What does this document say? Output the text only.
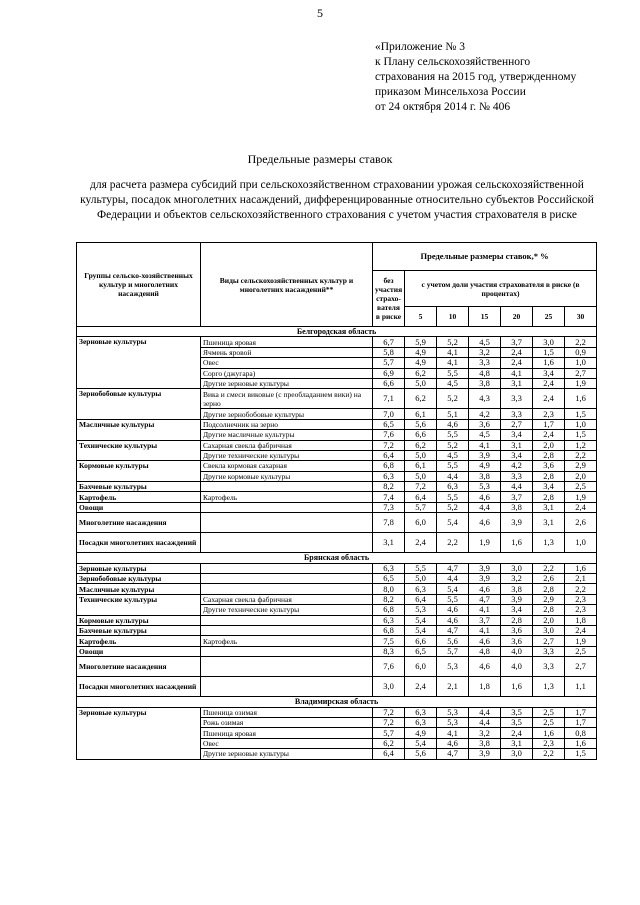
5
«Приложение № 3
к Плану сельскохозяйственного
страхования на 2015 год, утвержденному
приказом Минсельхоза России
от 24 октября 2014 г. № 406
Предельные размеры ставок
для расчета размера субсидий при сельскохозяйственном страховании урожая сельскохозяйственной культуры, посадок многолетних насаждений, дифференцированные относительно субъектов Российской Федерации и объектов сельскохозяйственного страхования с учетом участия страхователя в риске
Группы сельско-хозяйственных культур и многолетних насаждений	Виды сельскохозяйственных культур и многолетних насаждений**	Предельные размеры ставок,* %						
		без участия страхо-вателя в риске	с учетом доли участия страхователя в риске (в процентах)					
			5	10	15	20	25	30
Белгородская область								
Зерновые культуры	Пшеница яровая	6,7	5,9	5,2	4,5	3,7	3,0	2,2
	Ячмень яровой	5,8	4,9	4,1	3,2	2,4	1,5	0,9
	Овес	5,7	4,9	4,1	3,3	2,4	1,6	1,0
	Сорго (джугара)	6,9	6,2	5,5	4,8	4,1	3,4	2,7
	Другие зерновые культуры	6,6	5,0	4,5	3,8	3,1	2,4	1,9
Зернобобовые культуры	Вика и смеси виковые (с преобладанием вики) на зерно	7,1	6,2	5,2	4,3	3,3	2,4	1,6
	Другие зернобобовые культуры	7,0	6,1	5,1	4,2	3,3	2,3	1,5
Масличные культуры	Подсолнечник на зерно	6,5	5,6	4,6	3,6	2,7	1,7	1,0
	Другие масличные культуры	7,6	6,6	5,5	4,5	3,4	2,4	1,5
Технические культуры	Сахарная свекла фабричная	7,2	6,2	5,2	4,1	3,1	2,0	1,2
	Другие технические культуры	6,4	5,0	4,5	3,9	3,4	2,8	2,2
Кормовые культуры	Свекла кормовая сахарная	6,8	6,1	5,5	4,9	4,2	3,6	2,9
	Другие кормовые культуры	6,3	5,0	4,4	3,8	3,3	2,8	2,0
Бахчевые культуры		8,2	7,2	6,3	5,3	4,4	3,4	2,5
Картофель	Картофель	7,4	6,4	5,5	4,6	3,7	2,8	1,9
Овощи		7,3	5,7	5,2	4,4	3,8	3,1	2,4
Многолетние насаждения		7,8	6,0	5,4	4,6	3,9	3,1	2,6
Посадки многолетних насаждений		3,1	2,4	2,2	1,9	1,6	1,3	1,0
Брянская область								
Зерновые культуры		6,3	5,5	4,7	3,9	3,0	2,2	1,6
Зернобобовые культуры		6,5	5,0	4,4	3,9	3,2	2,6	2,1
Масличные культуры		8,0	6,3	5,4	4,6	3,8	2,8	2,2
Технические культуры	Сахарная свекла фабричная	8,2	6,4	5,5	4,7	3,9	2,9	2,3
	Другие технические культуры	6,8	5,3	4,6	4,1	3,4	2,8	2,3
Кормовые культуры		6,3	5,4	4,6	3,7	2,8	2,0	1,8
Бахчевые культуры		6,8	5,4	4,7	4,1	3,6	3,0	2,4
Картофель	Картофель	7,5	6,6	5,6	4,6	3,6	2,7	1,9
Овощи		8,3	6,5	5,7	4,8	4,0	3,3	2,5
Многолетние насаждения		7,6	6,0	5,3	4,6	4,0	3,3	2,7
Посадки многолетних насаждений		3,0	2,4	2,1	1,8	1,6	1,3	1,1
Владимирская область								
Зерновые культуры	Пшеница озимая	7,2	6,3	5,3	4,4	3,5	2,5	1,7
	Рожь озимая	7,2	6,3	5,3	4,4	3,5	2,5	1,7
	Пшеница яровая	5,7	4,9	4,1	3,2	2,4	1,6	0,8
	Овес	6,2	5,4	4,6	3,8	3,1	2,3	1,6
	Другие зерновые культуры	6,4	5,6	4,7	3,9	3,0	2,2	1,5
